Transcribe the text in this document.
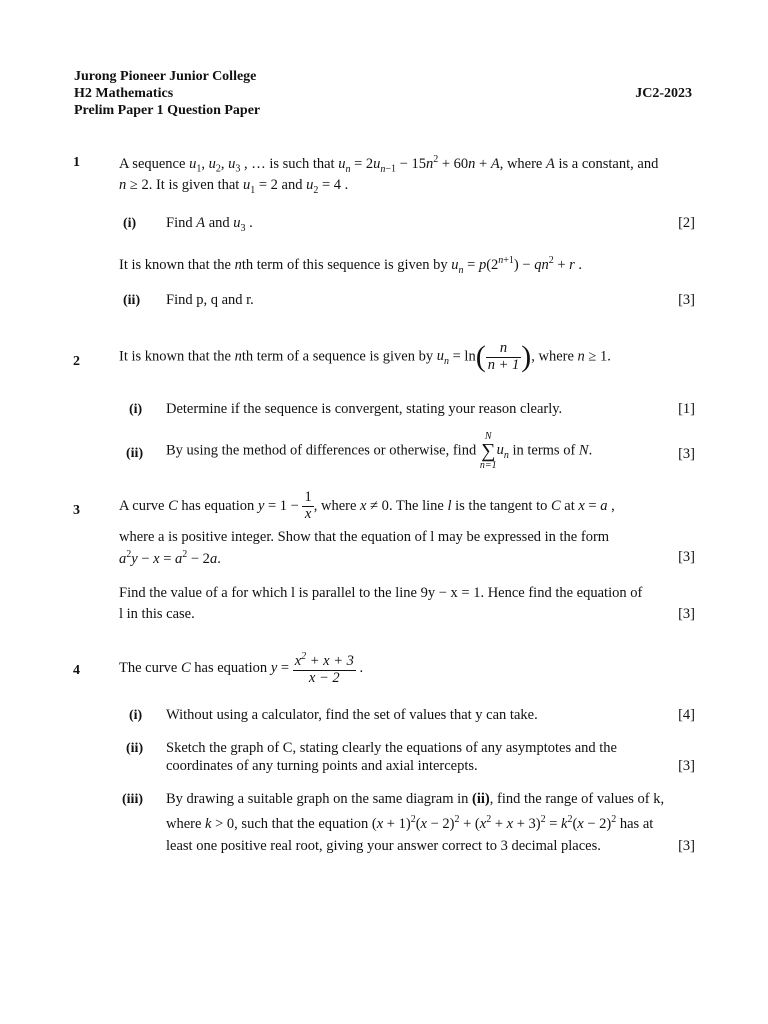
Jurong Pioneer Junior College
H2 Mathematics	JC2-2023
Prelim Paper 1 Question Paper
1	A sequence $u_1$, $u_2$, $u_3$ , … is such that $u_n = 2u_{n-1} - 15n^2 + 60n + A$, where A is a constant, and
n ≥ 2. It is given that $u_1 = 2$ and $u_2 = 4$ .
(i) Find A and $u_3$ .	[2]
It is known that the nth term of this sequence is given by $u_n = p(2^{n+1}) - qn^2 + r$ .
(ii) Find p, q and r.	[3]
2	It is known that the nth term of a sequence is given by $u_n = \ln( \frac{n}{n + 1}$ ), where n ≥ 1.
(i) Determine if the sequence is convergent, stating your reason clearly.	[1]
(ii) By using the method of differences or otherwise, find N
∑
$n=1u_n$ in terms of N.	[3]
3	A curve C has equation $y = 1 - \frac{1}{x}$ , where x ≠ 0. The line l is the tangent to C at x = a ,
where a is positive integer. Show that the equation of l may be expressed in the form
$a^2y - x = a^2 - 2a$.	[3]
Find the value of a for which l is parallel to the line 9y − x = 1. Hence find the equation of
l in this case.	[3]
4	The curve C has equation $y = \frac{x^2 + x + 3}{x - 2}$ .
(i) Without using a calculator, find the set of values that y can take.	[4]
(ii) Sketch the graph of C, stating clearly the equations of any asymptotes and the
coordinates of any turning points and axial intercepts.	[3]
(iii) By drawing a suitable graph on the same diagram in (ii), find the range of values of k,
where k > 0, such that the equation $(x + 1)^2(x - 2)^2 + (x^2 + x + 3)^2 = k^2(x - 2)^2$ has at
least one positive real root, giving your answer correct to 3 decimal places.	[3]
